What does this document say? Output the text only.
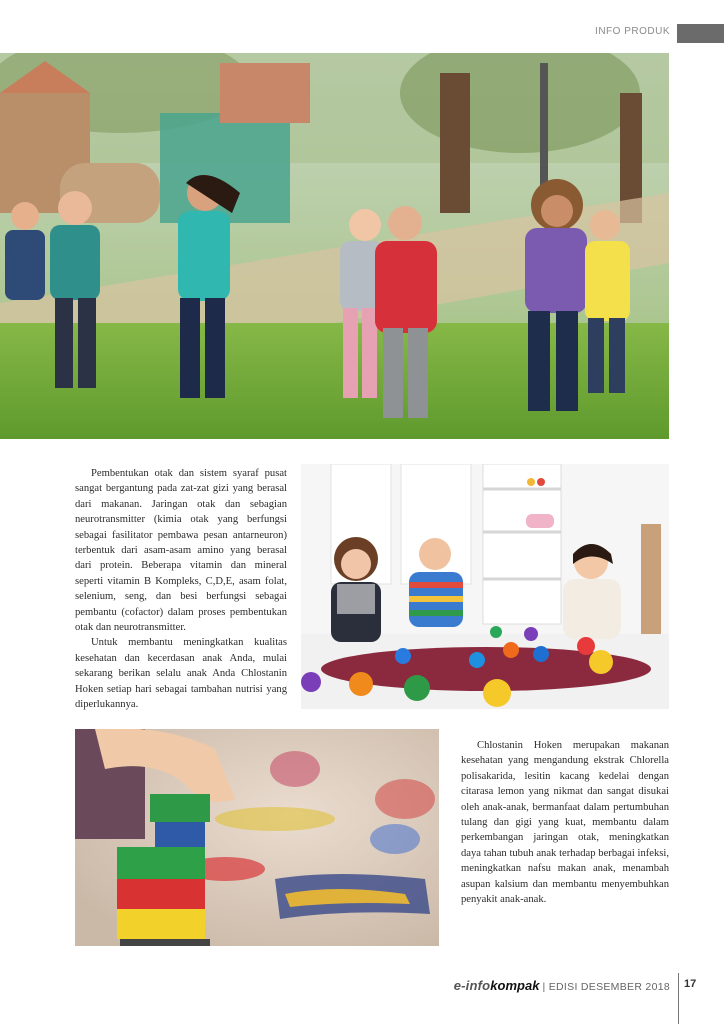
INFO PRODUK

Pembentukan otak dan sistem syaraf pusat sangat bergantung pada zat-zat gizi yang berasal dari makanan. Jaringan otak dan sebagian neurotransmitter (kimia otak yang berfungsi sebagai fasilitator pembawa pesan antarneuron) terbentuk dari asam-asam amino yang berasal dari protein. Beberapa vitamin dan mineral seperti vitamin B Kompleks, C,D,E, asam folat, selenium, seng, dan besi berfungsi sebagai pembantu (cofactor) dalam proses pembentukan otak dan neurotransmitter.

Untuk membantu meningkatkan kualitas kesehatan dan kecerdasan anak Anda, mulai sekarang berikan selalu anak Anda Chlostanin Hoken setiap hari sebagai tambahan nutrisi yang diperlukannya.

Chlostanin Hoken merupakan makanan kesehatan yang mengandung ekstrak Chlorella polisakarida, lesitin kacang kedelai dengan citarasa lemon yang nikmat dan sangat disukai oleh anak-anak, bermanfaat dalam pertumbuhan tulang dan gigi yang kuat, membantu dalam perkembangan jaringan otak, meningkatkan daya tahan tubuh anak terhadap berbagai infeksi, meningkatkan nafsu makan anak, menambah asupan kalsium dan membantu menyembuhkan penyakit anak-anak.

e-infokompak | EDISI DESEMBER 2018 17
